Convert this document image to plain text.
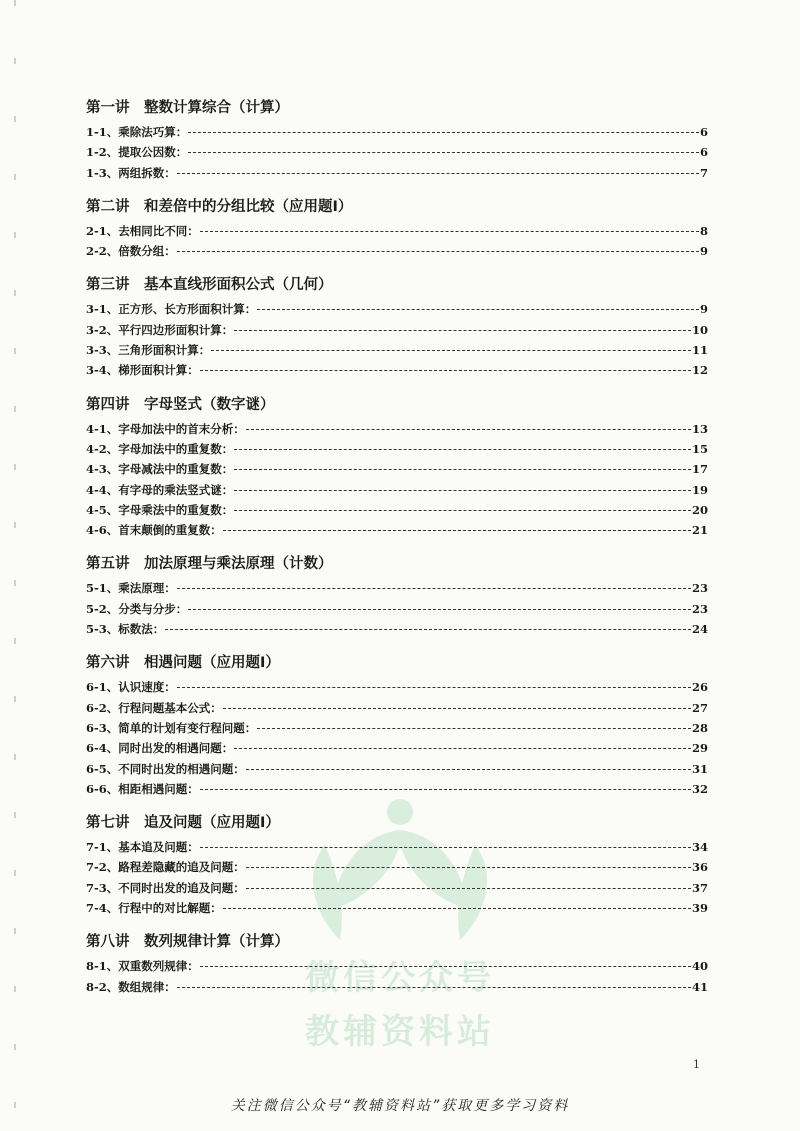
微信公众号
教辅资料站
第一讲　整数计算综合（计算）
1-1、 乘除法巧算：	6
1-2、 提取公因数：	6
1-3、 两组拆数：	7
第二讲　和差倍中的分组比较（应用题Ⅰ）
2-1、 去相同比不同：	8
2-2、 倍数分组：	9
第三讲　基本直线形面积公式（几何）
3-1、 正方形、长方形面积计算：	9
3-2、 平行四边形面积计算：	10
3-3、 三角形面积计算：	11
3-4、 梯形面积计算：	12
第四讲　字母竖式（数字谜）
4-1、 字母加法中的首末分析：	13
4-2、 字母加法中的重复数：	15
4-3、 字母减法中的重复数：	17
4-4、 有字母的乘法竖式谜：	19
4-5、 字母乘法中的重复数：	20
4-6、 首末颠倒的重复数：	21
第五讲　加法原理与乘法原理（计数）
5-1、 乘法原理：	23
5-2、 分类与分步：	23
5-3、 标数法：	24
第六讲　相遇问题（应用题Ⅰ）
6-1、 认识速度：	26
6-2、 行程问题基本公式：	27
6-3、 简单的计划有变行程问题：	28
6-4、 同时出发的相遇问题：	29
6-5、 不同时出发的相遇问题：	31
6-6、 相距相遇问题：	32
第七讲　追及问题（应用题Ⅰ）
7-1、 基本追及问题：	34
7-2、 路程差隐藏的追及问题：	36
7-3、 不同时出发的追及问题：	37
7-4、 行程中的对比解题：	39
第八讲　数列规律计算（计算）
8-1、 双重数列规律：	40
8-2、 数组规律：	41
1
关注微信公众号“教辅资料站”获取更多学习资料
